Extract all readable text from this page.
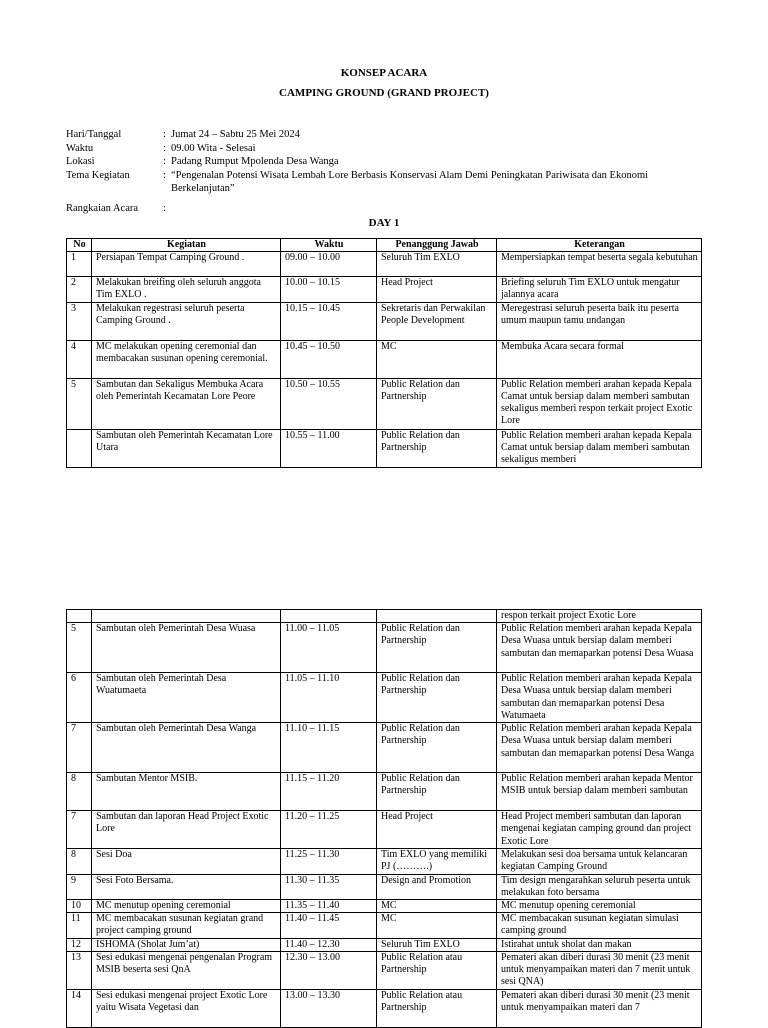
KONSEP ACARA
CAMPING GROUND (GRAND PROJECT)
Hari/Tanggal	: Jumat 24 – Sabtu 25 Mei 2024
Waktu	: 09.00 Wita - Selesai
Lokasi	: Padang Rumput Mpolenda Desa Wanga
Tema Kegiatan	: “Pengenalan Potensi Wisata Lembah Lore Berbasis Konservasi Alam Demi Peningkatan Pariwisata dan Ekonomi Berkelanjutan”
Rangkaian Acara	:
DAY 1
No	Kegiatan	Waktu	Penanggung Jawab	Keterangan
1	Persiapan Tempat Camping Ground .	09.00 – 10.00	Seluruh Tim EXLO	Mempersiapkan tempat beserta segala kebutuhan
2	Melakukan breifing oleh seluruh anggota Tim EXLO .	10.00 – 10.15	Head Project	Briefing seluruh Tim EXLO untuk mengatur jalannya acara
3	Melakukan regestrasi seluruh peserta Camping Ground .	10.15 – 10.45	Sekretaris dan Perwakilan People Development	Meregestrasi seluruh peserta baik itu peserta umum maupun tamu undangan
4	MC melakukan opening ceremonial dan membacakan susunan opening ceremonial.	10.45 – 10.50	MC	Membuka Acara secara formal
5	Sambutan dan Sekaligus Membuka Acara oleh Pemerintah Kecamatan Lore Peore	10.50 – 10.55	Public Relation dan Partnership	Public Relation memberi arahan kepada Kepala Camat untuk bersiap dalam memberi sambutan sekaligus memberi respon terkait project Exotic Lore
	Sambutan oleh Pemerintah Kecamatan Lore Utara	10.55 – 11.00	Public Relation dan Partnership	Public Relation memberi arahan kepada Kepala Camat untuk bersiap dalam memberi sambutan sekaligus memberi
				respon terkait project Exotic Lore
5	Sambutan oleh Pemerintah Desa Wuasa	11.00 – 11.05	Public Relation dan Partnership	Public Relation memberi arahan kepada Kepala Desa Wuasa untuk bersiap dalam memberi sambutan dan memaparkan potensi Desa Wuasa
6	Sambutan oleh Pemerintah Desa Wuatumaeta	11.05 – 11.10	Public Relation dan Partnership	Public Relation memberi arahan kepada Kepala Desa Wuasa untuk bersiap dalam memberi sambutan dan memaparkan potensi Desa Watumaeta
7	Sambutan oleh Pemerintah Desa Wanga	11.10 – 11.15	Public Relation dan Partnership	Public Relation memberi arahan kepada Kepala Desa Wuasa untuk bersiap dalam memberi sambutan dan memaparkan potensi Desa Wanga
8	Sambutan Mentor MSIB.	11.15 – 11.20	Public Relation dan Partnership	Public Relation memberi arahan kepada Mentor MSIB untuk bersiap dalam memberi sambutan
7	Sambutan dan laporan Head Project Exotic Lore	11.20 – 11.25	Head Project	Head Project memberi sambutan dan laporan mengenai kegiatan camping ground dan project Exotic Lore
8	Sesi Doa	11.25 – 11.30	Tim EXLO yang memiliki PJ (……….)	Melakukan sesi doa bersama untuk kelancaran kegiatan Camping Ground
9	Sesi Foto Bersama.	11.30 – 11.35	Design and Promotion	Tim design mengarahkan seluruh peserta untuk melakukan foto bersama
10	MC menutup opening ceremonial	11.35 – 11.40	MC	MC menutup opening ceremonial
11	MC membacakan susunan kegiatan grand project camping ground	11.40 – 11.45	MC	MC membacakan susunan kegiatan simulasi camping ground
12	ISHOMA (Sholat Jum’at)	11.40 – 12.30	Seluruh Tim EXLO	Istirahat untuk sholat dan makan
13	Sesi edukasi mengenai pengenalan Program MSIB beserta sesi QnA	12.30 – 13.00	Public Relation atau Partnership	Pemateri akan diberi durasi 30 menit (23 menit untuk menyampaikan materi dan 7 menit untuk sesi QNA)
14	Sesi edukasi mengenai project Exotic Lore yaitu Wisata Vegetasi dan	13.00 – 13.30	Public Relation atau Partnership	Pemateri akan diberi durasi 30 menit (23 menit untuk menyampaikan materi dan 7
